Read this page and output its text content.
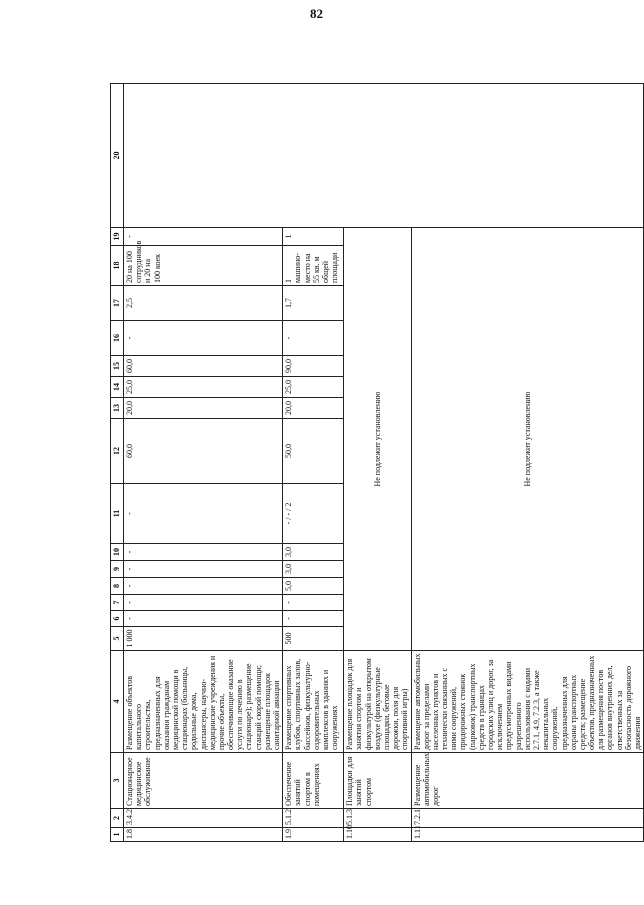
82
1	2	3	4	5	6	7	8	9	10	11	12	13	14	15	16	17	18	19	20
1.8	3.4.2	Стационарное медицинское обслуживание	Размещение объектов капитального строительства, предназначенных для оказания гражданам медицинской помощи в стационарах (больницы, родильные дома, диспансеры, научно-медицинские учреждения и прочие объекты, обеспечивающие оказание услуги по лечению в стационаре); размещение станций скорой помощи; размещение площадок санитарной авиации	1 000	-	-	-	-	-	-	60,0	20,0	25,0	60,0	-	2,5	20 на 100 сотрудников и 20 на 100 коек	-	
1.9	5.1.2	Обеспечение занятий спортом в помещениях	Размещение спортивных клубов, спортивных залов, бассейнов, физкультурно-оздоровительных комплексов в зданиях и сооружениях	500	-	-	5,0	3,0	3,0	- / - / 2	50,0	20,0	25,0	90,0	-	1,7	1 машино-место на 55 кв. м общей площади	1	
1.10	5.1.3	Площадки для занятий спортом	Размещение площадок для занятия спортом и физкультурой на открытом воздухе (физкультурные площадки, беговые дорожки, поля для спортивной игры)	Не подлежит установлению															
1.11	7.2.1	Размещение автомобильных дорог	Размещение автомобильных дорог за пределами населенных пунктов и технически связанных с ними сооружений, придорожных стоянок (парковок) транспортных средств в границах городских улиц и дорог, за исключением предусмотренных видами разрешенного использования с кодами 2.7.1, 4.9, 7.2.3, а также некапитальных сооружений, предназначенных для охраны транспортных средств; размещение объектов, предназначенных для размещения постов органов внутренних дел, ответственных за безопасность дорожного движения	Не подлежит установлению															
